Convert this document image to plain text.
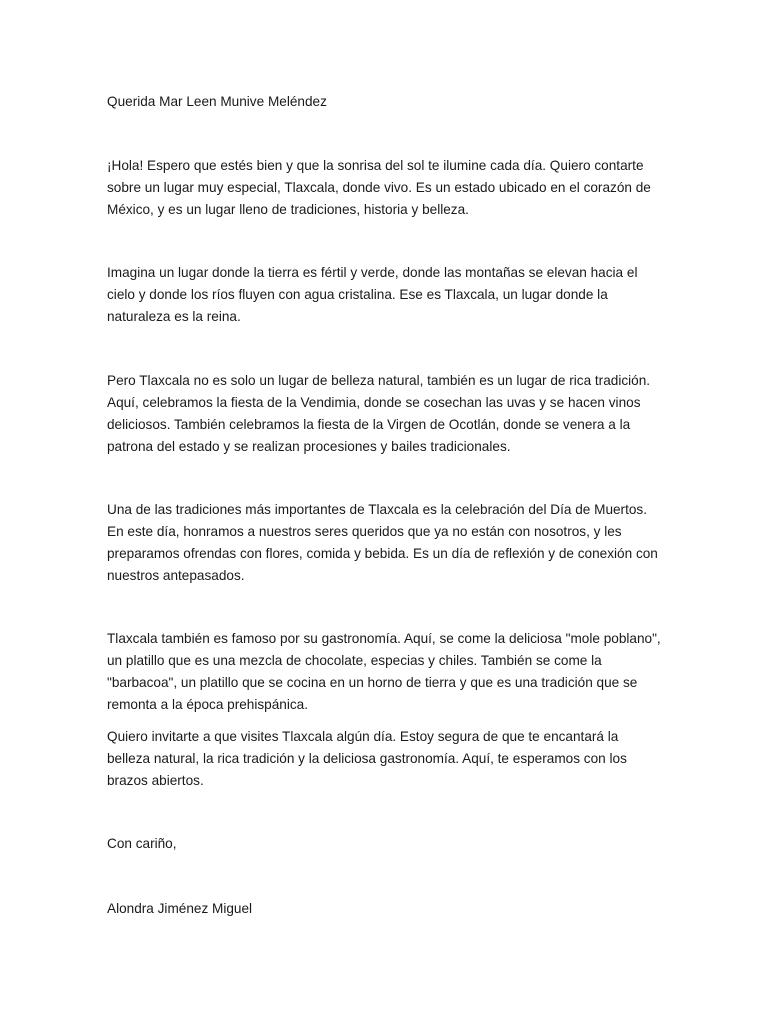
Querida Mar Leen Munive Meléndez

¡Hola! Espero que estés bien y que la sonrisa del sol te ilumine cada día. Quiero contarte sobre un lugar muy especial, Tlaxcala, donde vivo. Es un estado ubicado en el corazón de México, y es un lugar lleno de tradiciones, historia y belleza.

Imagina un lugar donde la tierra es fértil y verde, donde las montañas se elevan hacia el cielo y donde los ríos fluyen con agua cristalina. Ese es Tlaxcala, un lugar donde la naturaleza es la reina.

Pero Tlaxcala no es solo un lugar de belleza natural, también es un lugar de rica tradición. Aquí, celebramos la fiesta de la Vendimia, donde se cosechan las uvas y se hacen vinos deliciosos. También celebramos la fiesta de la Virgen de Ocotlán, donde se venera a la patrona del estado y se realizan procesiones y bailes tradicionales.

Una de las tradiciones más importantes de Tlaxcala es la celebración del Día de Muertos. En este día, honramos a nuestros seres queridos que ya no están con nosotros, y les preparamos ofrendas con flores, comida y bebida. Es un día de reflexión y de conexión con nuestros antepasados.

Tlaxcala también es famoso por su gastronomía. Aquí, se come la deliciosa "mole poblano", un platillo que es una mezcla de chocolate, especias y chiles. También se come la "barbacoa", un platillo que se cocina en un horno de tierra y que es una tradición que se remonta a la época prehispánica.

Quiero invitarte a que visites Tlaxcala algún día. Estoy segura de que te encantará la belleza natural, la rica tradición y la deliciosa gastronomía. Aquí, te esperamos con los brazos abiertos.

Con cariño,

Alondra Jiménez Miguel
